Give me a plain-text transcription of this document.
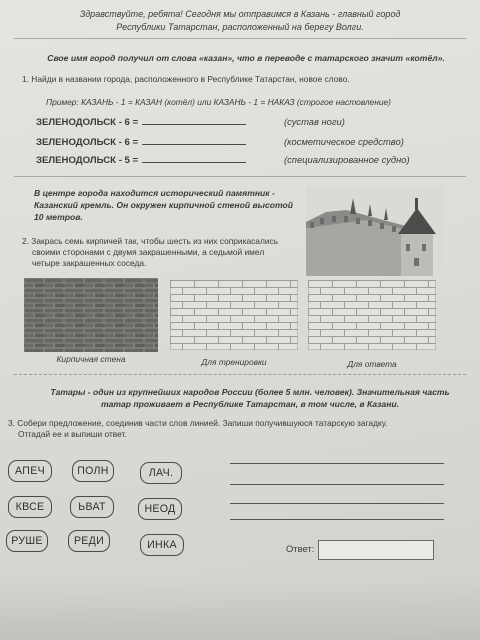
Здравствуйте, ребята! Сегодня мы отправимся в Казань - главный город
Республики Татарстан, расположенный на берегу Волги.
Свое имя город получил от слова «казан», что в переводе с татарского значит «котёл».
1. Найди в названии города, расположенного в Республике Татарстан, новое слово.
Пример: КАЗАНЬ - 1 = КАЗАН (котёл) или КАЗАНЬ - 1 = НАКАЗ (строгое настовление)
ЗЕЛЕНОДОЛЬСК - 6 =	(сустав ноги)
ЗЕЛЕНОДОЛЬСК - 6 =	(косметическое средство)
ЗЕЛЕНОДОЛЬСК - 5 =	(специализированное судно)
В центре города находится исторический памятник -
Казанский кремль. Он окружен кирпичной стеной высотой
10 метров.
2. Закрась семь кирпичей так, чтобы шесть из них соприкасались
своими сторонами с двумя закрашенными, а седьмой имел
четыре закрашенных соседа.
Кирпичная стена	Для тренировки	Для ответа
Татары - один из крупнейших народов России (более 5 млн. человек). Значительная часть
татар проживает в Республике Татарстан, в том числе, в Казани.
3. Собери предложение, соединив части слов линией. Запиши получившуюся татарскую загадку.
Отгадай ее и выпиши ответ.
АПЕЧ	ПОЛН	ЛАЧ.
КВСЕ	ЬВАТ	НЕОД
РУШЕ	РЕДИ	ИНКА	Ответ:
